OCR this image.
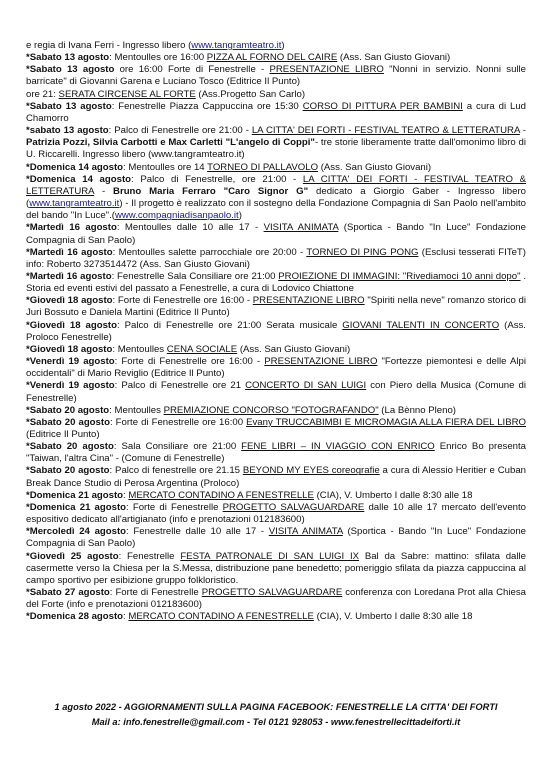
e regia di Ivana Ferri - Ingresso libero (www.tangramteatro.it)

*Sabato 13 agosto: Mentoulles ore 16:00 PIZZA AL FORNO DEL CAIRE (Ass. San Giusto Giovani)

*Sabato 13 agosto ore 16:00 Forte di Fenestrelle - PRESENTAZIONE LIBRO "Nonni in servizio. Nonni sulle barricate" di Giovanni Garena e Luciano Tosco (Editrice Il Punto)

ore 21: SERATA CIRCENSE AL FORTE (Ass.Progetto San Carlo)

*Sabato 13 agosto: Fenestrelle Piazza Cappuccina ore 15:30 CORSO DI PITTURA PER BAMBINI a cura di Lud Chamorro

*sabato 13 agosto: Palco di Fenestrelle ore 21:00 - LA CITTA' DEI FORTI - FESTIVAL TEATRO & LETTERATURA - Patrizia Pozzi, Silvia Carbotti e Max Carletti "L'angelo di Coppi"- tre storie liberamente tratte dall'omonimo libro di U. Riccarelli. Ingresso libero (www.tangramteatro.it)

*Domenica 14 agosto: Mentoulles ore 14 TORNEO DI PALLAVOLO (Ass. San Giusto Giovani)

*Domenica 14 agosto: Palco di Fenestrelle, ore 21:00 - LA CITTA' DEI FORTI - FESTIVAL TEATRO & LETTERATURA - Bruno Maria Ferraro "Caro Signor G" dedicato a Giorgio Gaber - Ingresso libero (www.tangramteatro.it) - Il progetto è realizzato con il sostegno della Fondazione Compagnia di San Paolo nell'ambito del bando "In Luce".(www.compagniadisanpaolo.it)

*Martedì 16 agosto: Mentoulles dalle 10 alle 17 - VISITA ANIMATA (Sportica - Bando "In Luce" Fondazione Compagnia di San Paolo)

*Martedì 16 agosto: Mentoulles salette parrocchiale ore 20:00 - TORNEO DI PING PONG (Esclusi tesserati FITeT) info: Roberto 3273514472 (Ass. San Giusto Giovani)

*Martedì 16 agosto: Fenestrelle Sala Consiliare ore 21:00 PROIEZIONE DI IMMAGINI: "Rivediamoci 10 anni dopo" . Storia ed eventi estivi del passato a Fenestrelle, a cura di Lodovico Chiattone

*Giovedì 18 agosto: Forte di Fenestrelle ore 16:00 - PRESENTAZIONE LIBRO "Spiriti nella neve" romanzo storico di Juri Bossuto e Daniela Martini (Editrice Il Punto)

*Giovedì 18 agosto: Palco di Fenestrelle ore 21:00 Serata musicale GIOVANI TALENTI IN CONCERTO (Ass. Proloco Fenestrelle)

*Giovedì 18 agosto: Mentoulles CENA SOCIALE (Ass. San Giusto Giovani)

*Venerdì 19 agosto: Forte di Fenestrelle ore 16:00 - PRESENTAZIONE LIBRO "Fortezze piemontesi e delle Alpi occidentali" di Mario Reviglio (Editrice Il Punto)

*Venerdì 19 agosto: Palco di Fenestrelle ore 21 CONCERTO DI SAN LUIGI con Piero della Musica (Comune di Fenestrelle)

*Sabato 20 agosto: Mentoulles PREMIAZIONE CONCORSO "FOTOGRAFANDO" (La Bènno Pleno)

*Sabato 20 agosto: Forte di Fenestrelle ore 16:00 Evany TRUCCABIMBI E MICROMAGIA ALLA FIERA DEL LIBRO (Editrice Il Punto)

*Sabato 20 agosto: Sala Consiliare ore 21:00 FENE LIBRI – IN VIAGGIO CON ENRICO Enrico Bo presenta "Taiwan, l'altra Cina" - (Comune di Fenestrelle)

*Sabato 20 agosto: Palco di fenestrelle ore 21.15 BEYOND MY EYES coreografie a cura di Alessio Heritier e Cuban Break Dance Studio di Perosa Argentina (Proloco)

*Domenica 21 agosto: MERCATO CONTADINO A FENESTRELLE (CIA), V. Umberto I dalle 8:30 alle 18

*Domenica 21 agosto: Forte di Fenestrelle PROGETTO SALVAGUARDARE dalle 10 alle 17 mercato dell'evento espositivo dedicato all'artigianato (info e prenotazioni 012183600)

*Mercoledì 24 agosto: Fenestrelle dalle 10 alle 17 - VISITA ANIMATA (Sportica - Bando "In Luce" Fondazione Compagnia di San Paolo)

*Giovedì 25 agosto: Fenestrelle FESTA PATRONALE DI SAN LUIGI IX Bal da Sabre: mattino: sfilata dalle casermette verso la Chiesa per la S.Messa, distribuzione pane benedetto; pomeriggio sfilata da piazza cappuccina al campo sportivo per esibizione gruppo folkloristico.

*Sabato 27 agosto: Forte di Fenestrelle PROGETTO SALVAGUARDARE conferenza con Loredana Prot alla Chiesa del Forte (info e prenotazioni 012183600)

*Domenica 28 agosto: MERCATO CONTADINO A FENESTRELLE (CIA), V. Umberto I dalle 8:30 alle 18

1 agosto 2022 - AGGIORNAMENTI SULLA PAGINA FACEBOOK: FENESTRELLE LA CITTA' DEI FORTI
Mail a: info.fenestrelle@gmail.com - Tel 0121 928053 - www.fenestrellecittadeiforti.it
